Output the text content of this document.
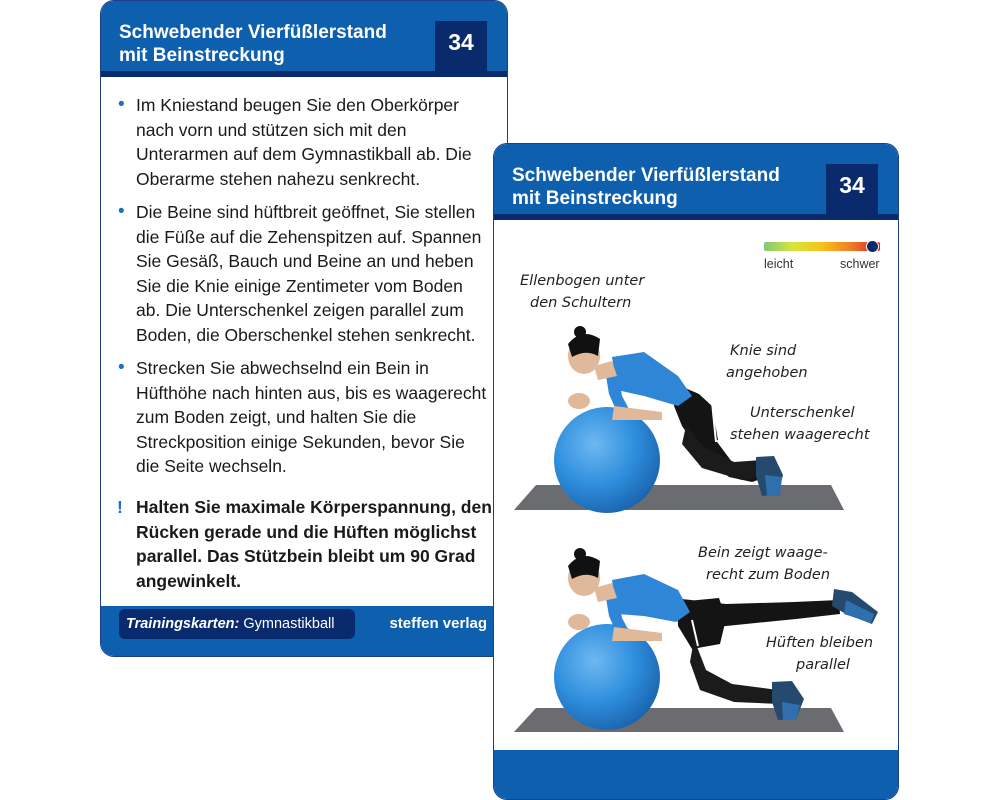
Schwebender Vierfüßlerstand
mit Beinstreckung
34
• Im Kniestand beugen Sie den Oberkörper nach vorn und stützen sich mit den Unterarmen auf dem Gymnastikball ab. Die Oberarme stehen nahezu senkrecht.
• Die Beine sind hüftbreit geöffnet, Sie stellen die Füße auf die Zehenspitzen auf. Spannen Sie Gesäß, Bauch und Beine an und heben Sie die Knie einige Zentimeter vom Boden ab. Die Unterschenkel zeigen parallel zum Boden, die Oberschenkel stehen senkrecht.
• Strecken Sie abwechselnd ein Bein in Hüfthöhe nach hinten aus, bis es waagerecht zum Boden zeigt, und halten Sie die Streckposition einige Sekunden, bevor Sie die Seite wechseln.
! Halten Sie maximale Körperspannung, den Rücken gerade und die Hüften möglichst parallel. Das Stützbein bleibt um 90 Grad angewinkelt.
Trainingskarten: Gymnastikball	steffen verlag
Schwebender Vierfüßlerstand
mit Beinstreckung
34
leicht	schwer
Ellenbogen unter
den Schultern
Knie sind
angehoben
Unterschenkel
stehen waagerecht
Bein zeigt waage-
recht zum Boden
Hüften bleiben
parallel
